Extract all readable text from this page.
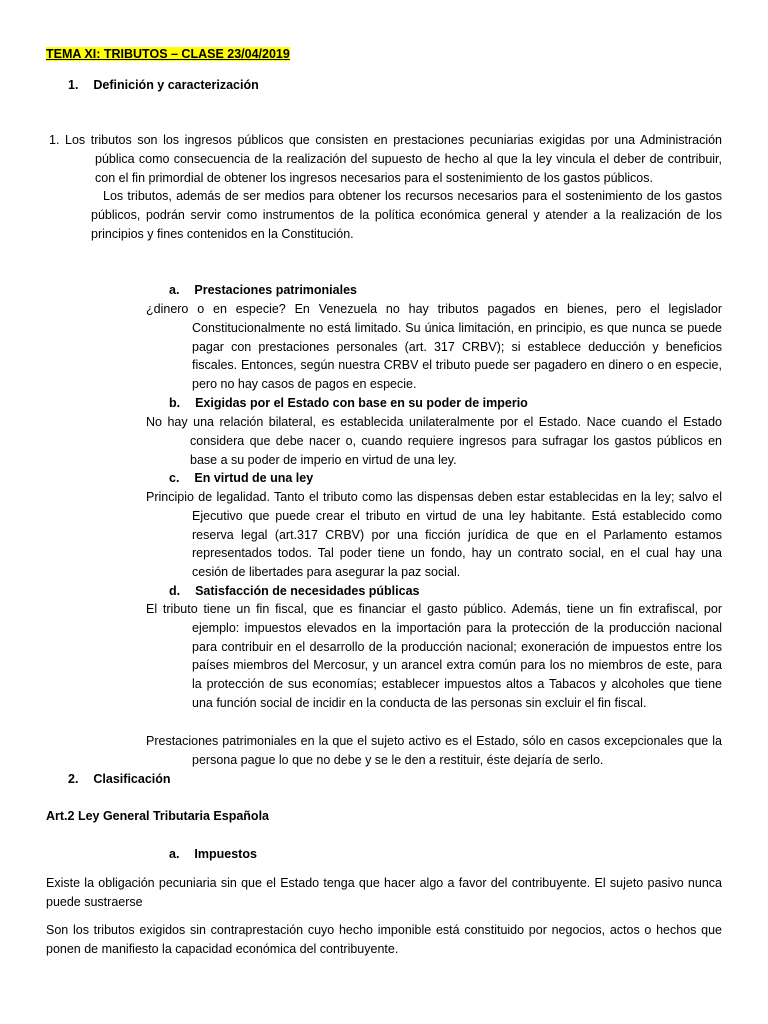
TEMA XI: TRIBUTOS – CLASE 23/04/2019
1. Definición y caracterización

1. Los tributos son los ingresos públicos que consisten en prestaciones pecuniarias exigidas por una Administración pública como consecuencia de la realización del supuesto de hecho al que la ley vincula el deber de contribuir, con el fin primordial de obtener los ingresos necesarios para el sostenimiento de los gastos públicos.

Los tributos, además de ser medios para obtener los recursos necesarios para el sostenimiento de los gastos públicos, podrán servir como instrumentos de la política económica general y atender a la realización de los principios y fines contenidos en la Constitución.

a. Prestaciones patrimoniales

¿dinero o en especie? En Venezuela no hay tributos pagados en bienes, pero el legislador Constitucionalmente no está limitado. Su única limitación, en principio, es que nunca se puede pagar con prestaciones personales (art. 317 CRBV); si establece deducción y beneficios fiscales. Entonces, según nuestra CRBV el tributo puede ser pagadero en dinero o en especie, pero no hay casos de pagos en especie.

b. Exigidas por el Estado con base en su poder de imperio

No hay una relación bilateral, es establecida unilateralmente por el Estado. Nace cuando el Estado considera que debe nacer o, cuando requiere ingresos para sufragar los gastos públicos en base a su poder de imperio en virtud de una ley.

c. En virtud de una ley

Principio de legalidad. Tanto el tributo como las dispensas deben estar establecidas en la ley; salvo el Ejecutivo que puede crear el tributo en virtud de una ley habitante. Está establecido como reserva legal (art.317 CRBV) por una ficción jurídica de que en el Parlamento estamos representados todos. Tal poder tiene un fondo, hay un contrato social, en el cual hay una cesión de libertades para asegurar la paz social.

d. Satisfacción de necesidades públicas

El tributo tiene un fin fiscal, que es financiar el gasto público. Además, tiene un fin extrafiscal, por ejemplo: impuestos elevados en la importación para la protección de la producción nacional para contribuir en el desarrollo de la producción nacional; exoneración de impuestos entre los países miembros del Mercosur, y un arancel extra común para los no miembros de este, para la protección de sus economías; establecer impuestos altos a Tabacos y alcoholes que tiene una función social de incidir en la conducta de las personas sin excluir el fin fiscal.

Prestaciones patrimoniales en la que el sujeto activo es el Estado, sólo en casos excepcionales que la persona pague lo que no debe y se le den a restituir, éste dejaría de serlo.

2. Clasificación
Art.2 Ley General Tributaria Española
a. Impuestos
Existe la obligación pecuniaria sin que el Estado tenga que hacer algo a favor del contribuyente. El sujeto pasivo nunca puede sustraerse
Son los tributos exigidos sin contraprestación cuyo hecho imponible está constituido por negocios, actos o hechos que ponen de manifiesto la capacidad económica del contribuyente.
